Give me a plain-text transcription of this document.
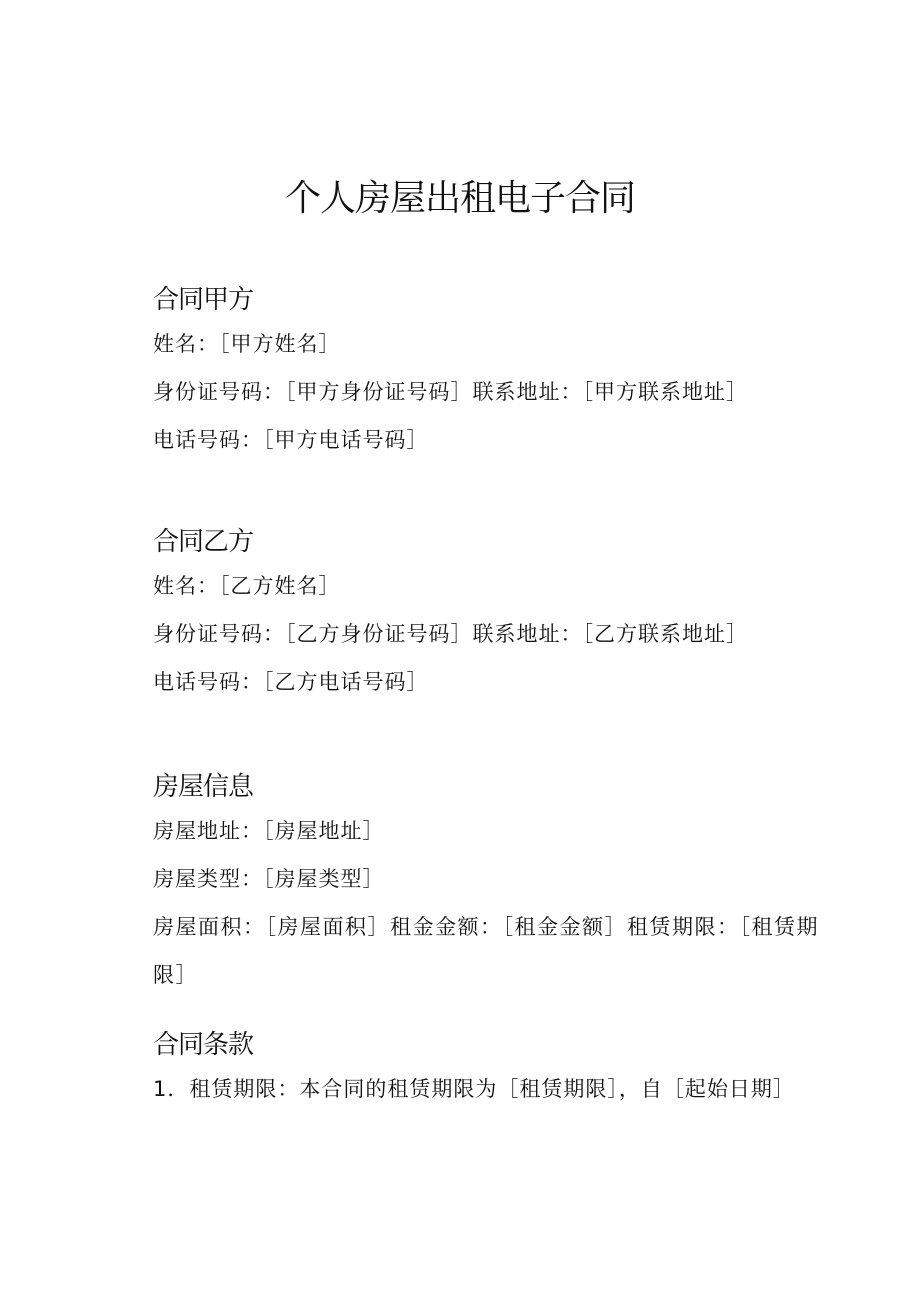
个人房屋出租电子合同
合同甲方

姓名：［甲方姓名］

身份证号码：［甲方身份证号码］联系地址：［甲方联系地址］

电话号码：［甲方电话号码］

合同乙方

姓名：［乙方姓名］

身份证号码：［乙方身份证号码］联系地址：［乙方联系地址］

电话号码：［乙方电话号码］

房屋信息

房屋地址：［房屋地址］

房屋类型：［房屋类型］

房屋面积：［房屋面积］租金金额：［租金金额］租赁期限：［租赁期限］

合同条款

1．租赁期限：本合同的租赁期限为［租赁期限］，自［起始日期］
